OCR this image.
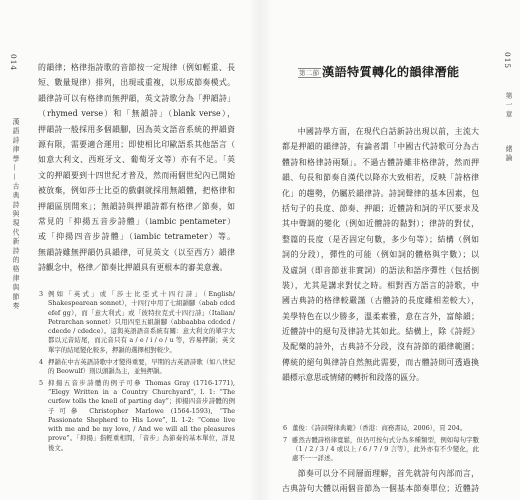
014
漢語詩律學——古典詩與現代新詩的格律與節奏
的韻律；格律指詩歌的音節按一定規律（例如輕重、長
短、數量規律）排列，出現或重複，以形成節奏模式。
韻律詩可以有格律而無押韻，英文詩歌分為「押韻詩」
（rhymed verse）和「無韻詩」（blank verse），
押韻詩一般採用多個韻腳，因為英文語音系統的押韻資
源有限，需要適合運用；即使相比印歐語系其他語言（
如意大利文、西班牙文、葡萄牙文等）亦有不足。「英
文的押韻要到十四世紀才普及，然而兩個世紀內已開始
被放棄，例如莎士比亞的戲劇就採用無韻體，把格律和
押韻區別開來」；無韻詩與押韻詩都有格律／節奏，如
常見的「抑揚五音步詩體」（iambic pentameter）
或「抑揚四音步詩體」（iambic tetrameter）等。
無韻詩雖無押韻仍具韻律，可見英文（以至西方）韻律
詩觀念中，格律／節奏比押韻具有更根本的審美意義。
3 例如「英式」或「莎士比亞式十四行詩」（English/ Shakespearean sonnet），十四行中用了七組韻腳（abab cdcd efef gg），而「意大利式」或「彼特拉克式十四行詩」（Italian/ Petrarchan sonnet）只用四至五組韻腳（abbaabba cdcdcd / cdecde / cdedce）。這與英語語音系統有關：意大利文的單字大都以元音結尾，而元音只有 a / e / i / o / u 等，容易押韻；英文單字的結尾變化較多，押韻的選擇相對較少。
4 押韻在中古英語詩歌中才變得重要，早期的古英語詩歌（如八世紀的 Beowulf）則以頭韻為主，並無押韻。
5 抑揚五音步詩體的例子可參 Thomas Gray (1716-1771), “Elegy Written in a Country Churchyard”, l. 1: “The curfew tolls the knell of parting day”；抑揚四音步詩體的例子可參 Christopher Marlowe (1564-1593), “The Passionate Shepherd to His Love”, ll. 1-2: “Come live with me and be my love, / And we will all the pleasures prove”。「抑揚」指輕重相間，「音步」為節奏的基本單位，詳見後文。
015
第一章
緒論
第二節 漢語特質轉化的韻律潛能
中國詩學方面，在現代白話新詩出現以前，主流大
都是押韻的韻律詩，有論者謂「中國古代詩歌可分為古
體詩和格律詩兩類」。不過古體詩雖非格律詩，然而押
韻、句長和節奏自漢代以降亦大致相若，反映「詩格律
化」的趨勢，仍屬於韻律詩。詩詞聲律的基本因素，包
括句子的長度、節奏、押韻；近體詩和詞的平仄要求及
其中聲調的變化（例如近體詩的黏對）；律詩的對仗，
整篇的長度（是否固定句數，多少句等）；結構（例如
詞的分段），彈性的可能（例如詞的體格與字數）；以
及虛詞（即音節並非實詞）的語法和語序彈性（包括倒
裝），尤其是講求對仗之時。相對西方語言的詩歌，中
國古典詩的格律較嚴謹（古體詩的長度雖相差較大），
美學特色在以少勝多，溫柔素雅，意在言外，富餘韻；
近體詩中的絕句及律詩尤其如此。結構上，除《詩經》
及配樂的詩外，古典詩不分段，沒有詩節的韻律範圍；
傳統的絕句與律詩自然無此需要，而古體詩則可透過換
韻標示意思或情緒的轉折和段落的區分。
6 董俊：《詩詞聲律典範》（香港：商務書局，2006），頁 204。
7 雖然古體詩格律寬鬆，但仍可按句式分為多種類型，例如每句字數（1 / 2 / 3 / 4 或以上 / 6 / 7 / 9 言等），此外亦有不少變化，此處不一一詳述。
節奏可以分不同層面理解，首先就詩句內部而言，
古典詩句大體以兩個音節為一個基本節奏單位；近體詩
